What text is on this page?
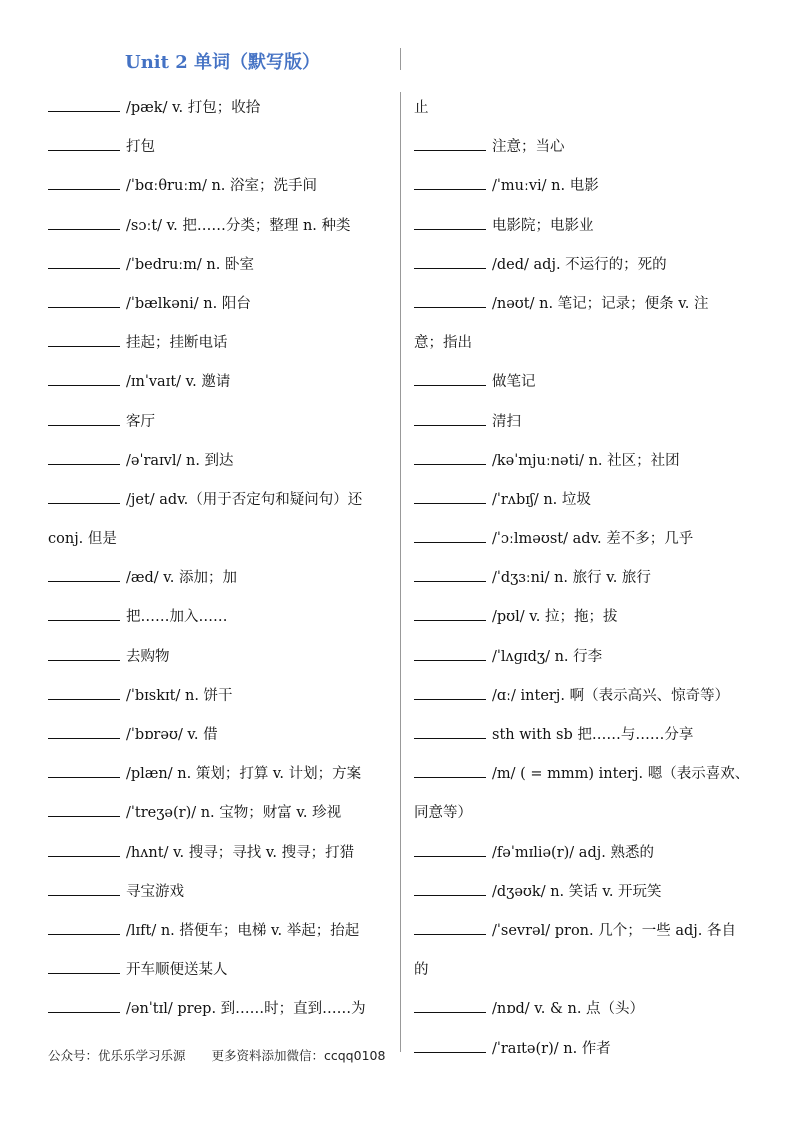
Unit 2 单词（默写版）
/pæk/ v. 打包；收拾
打包
/ˈbɑːθruːm/ n. 浴室；洗手间
/sɔːt/ v. 把……分类；整理 n. 种类
/ˈbedruːm/ n. 卧室
/ˈbælkəni/ n. 阳台
挂起；挂断电话
/ɪnˈvaɪt/ v. 邀请
客厅
/əˈraɪvl/ n. 到达
/jet/ adv.（用于否定句和疑问句）还
conj. 但是
/æd/ v. 添加；加
把……加入……
去购物
/ˈbɪskɪt/ n. 饼干
/ˈbɒrəʊ/ v. 借
/plæn/ n. 策划；打算 v. 计划；方案
/ˈtreʒə(r)/ n. 宝物；财富 v. 珍视
/hʌnt/ v. 搜寻；寻找 v. 搜寻；打猎
寻宝游戏
/lɪft/ n. 搭便车；电梯 v. 举起；抬起
开车顺便送某人
/ənˈtɪl/ prep. 到……时；直到……为
止
注意；当心
/ˈmuːvi/ n. 电影
电影院；电影业
/ded/ adj. 不运行的；死的
/nəʊt/ n. 笔记；记录；便条 v. 注
意；指出
做笔记
清扫
/kəˈmjuːnəti/ n. 社区；社团
/ˈrʌbɪʃ/ n. 垃圾
/ˈɔːlməʊst/ adv. 差不多；几乎
/ˈdʒɜːni/ n. 旅行 v. 旅行
/pʊl/ v. 拉；拖；拔
/ˈlʌɡɪdʒ/ n. 行李
/ɑː/ interj. 啊（表示高兴、惊奇等）
sth with sb 把……与……分享
/m/ ( = mmm) interj. 嗯（表示喜欢、
同意等）
/fəˈmɪliə(r)/ adj. 熟悉的
/dʒəʊk/ n. 笑话 v. 开玩笑
/ˈsevrəl/ pron. 几个；一些 adj. 各自
的
/nɒd/ v. & n. 点（头）
/ˈraɪtə(r)/ n. 作者
公众号：优乐乐学习乐源 更多资料添加微信：ccqq0108
